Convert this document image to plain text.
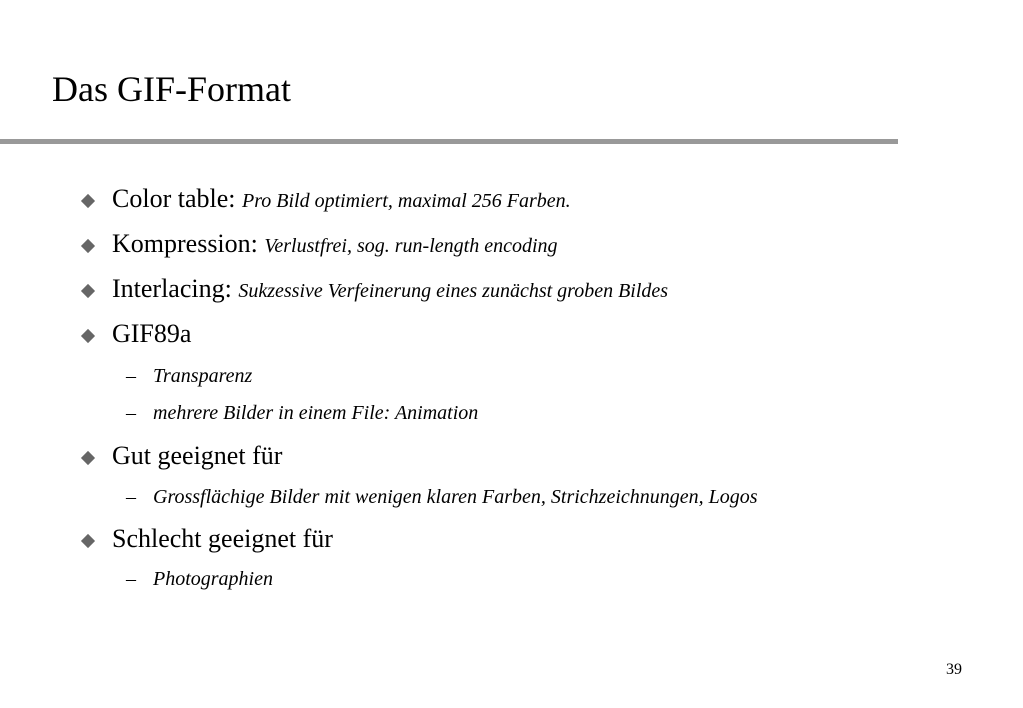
Das GIF-Format
Color table: Pro Bild optimiert, maximal 256 Farben.
Kompression: Verlustfrei, sog. run-length encoding
Interlacing: Sukzessive Verfeinerung eines zunächst groben Bildes
GIF89a
– Transparenz
– mehrere Bilder in einem File: Animation
Gut geeignet für
– Grossflächige Bilder mit wenigen klaren Farben, Strichzeichnungen, Logos
Schlecht geeignet für
– Photographien
39
